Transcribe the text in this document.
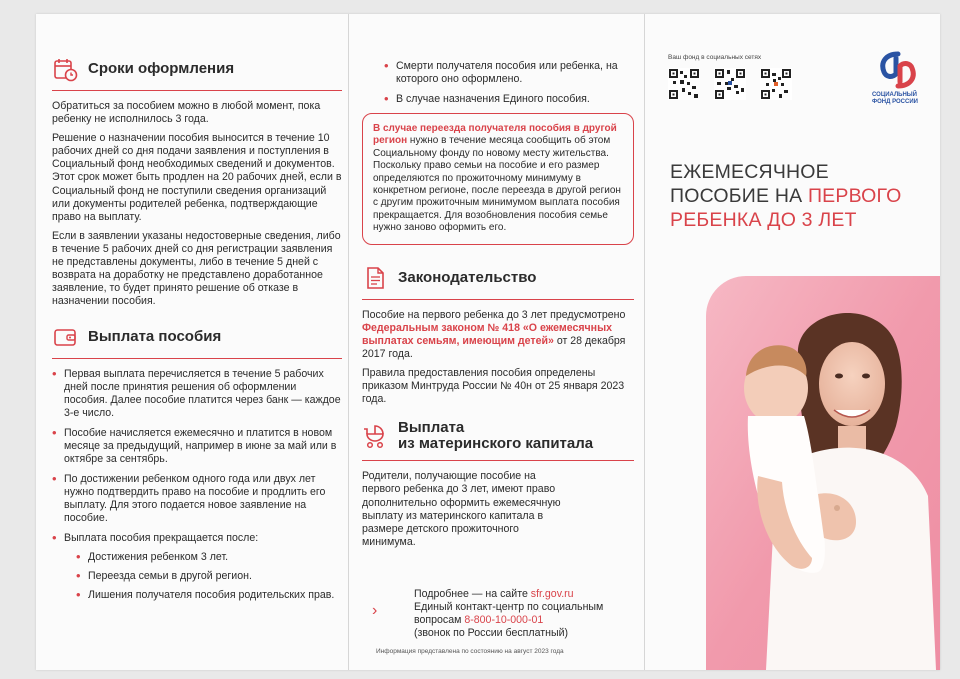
Сроки оформления

Обратиться за пособием можно в любой момент, пока ребенку не исполнилось 3 года.

Решение о назначении пособия выносится в течение 10 рабочих дней со дня подачи заявления и поступления в Социальный фонд необходимых сведений и документов. Этот срок может быть продлен на 20 рабочих дней, если в Социальный фонд не поступили сведения организаций или документы родителей ребенка, подтверждающие право на выплату.

Если в заявлении указаны недостоверные сведения, либо в течение 5 рабочих дней со дня регистрации заявления не представлены документы, либо в течение 5 дней с возврата на доработку не представлено доработанное заявление, то будет принято решение об отказе в назначении пособия.

Выплата пособия
• Первая выплата перечисляется в течение 5 рабочих дней после принятия решения об оформлении пособия. Далее пособие платится через банк — каждое 3-е число.
• Пособие начисляется ежемесячно и платится в новом месяце за предыдущий, например в июне за май или в октябре за сентябрь.
• По достижении ребенком одного года или двух лет нужно подтвердить право на пособие и продлить его выплату. Для этого подается новое заявление на пособие.
• Выплата пособия прекращается после:
• Достижения ребенком 3 лет.
• Переезда семьи в другой регион.
• Лишения получателя пособия родительских прав.
• Смерти получателя пособия или ребенка, на которого оно оформлено.
• В случае назначения Единого пособия.
В случае переезда получателя пособия в другой регион нужно в течение месяца сообщить об этом Социальному фонду по новому месту жительства. Поскольку право семьи на пособие и его размер определяются по прожиточному минимуму в конкретном регионе, после переезда в другой регион с другим прожиточным минимумом выплата пособия прекращается. Для возобновления пособия семье нужно заново оформить его.
Законодательство

Пособие на первого ребенка до 3 лет предусмотрено Федеральным законом № 418 «О ежемесячных выплатах семьям, имеющим детей» от 28 декабря 2017 года.

Правила предоставления пособия определены приказом Минтруда России № 40н от 25 января 2023 года.

Выплата
из материнского капитала

Родители, получающие пособие на первого ребенка до 3 лет, имеют право дополнительно оформить ежемесячную выплату из материнского капитала в размере детского прожиточного минимума.

›
Подробнее — на сайте sfr.gov.ru
Единый контакт-центр по социальным вопросам 8-800-10-000-01
(звонок по России бесплатный)
Информация представлена по состоянию на август 2023 года
Ваш фонд в социальных сетях
СОЦИАЛЬНЫЙ
ФОНД РОССИИ
ЕЖЕМЕСЯЧНОЕ
ПОСОБИЕ НА ПЕРВОГО
РЕБЕНКА ДО 3 ЛЕТ
